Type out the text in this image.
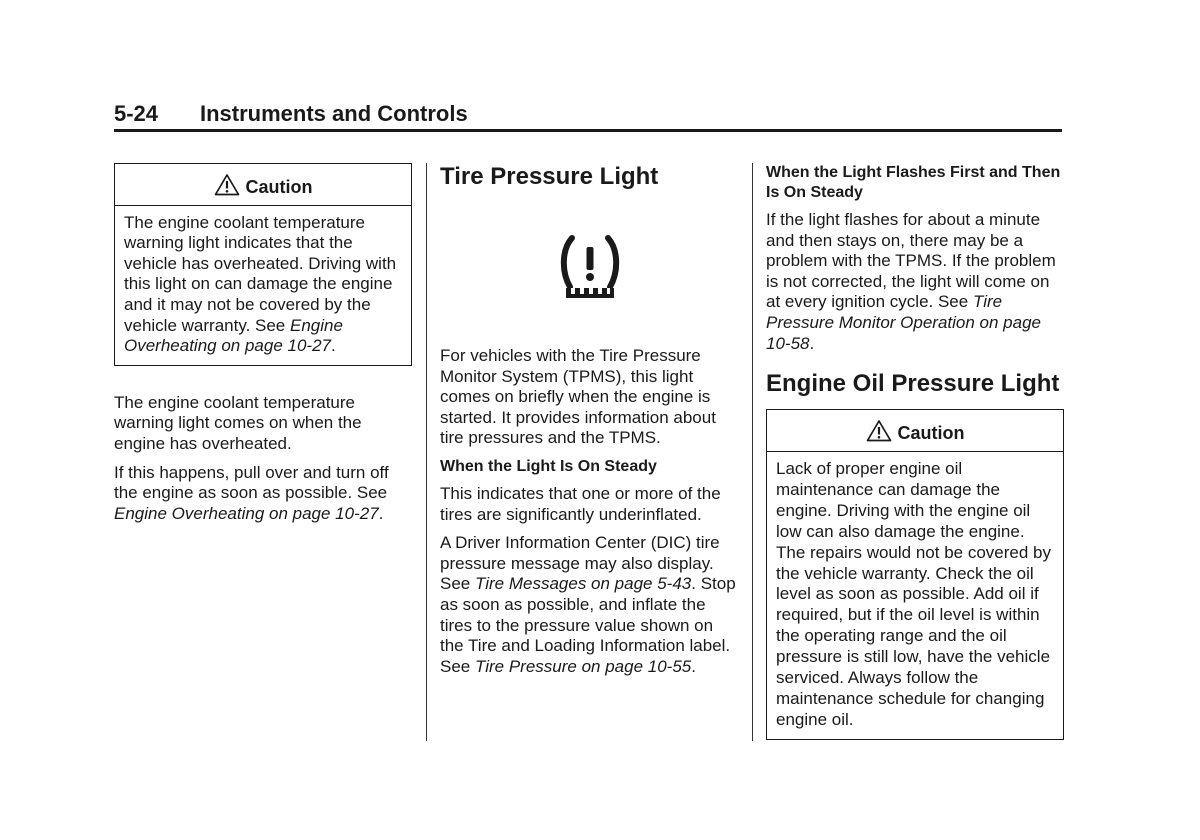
5-24 Instruments and Controls
Caution
The engine coolant temperature warning light indicates that the vehicle has overheated. Driving with this light on can damage the engine and it may not be covered by the vehicle warranty. See Engine Overheating on page 10-27.

The engine coolant temperature warning light comes on when the engine has overheated.

If this happens, pull over and turn off the engine as soon as possible. See Engine Overheating on page 10-27.

Tire Pressure Light

For vehicles with the Tire Pressure Monitor System (TPMS), this light comes on briefly when the engine is started. It provides information about tire pressures and the TPMS.

When the Light Is On Steady

This indicates that one or more of the tires are significantly underinflated.

A Driver Information Center (DIC) tire pressure message may also display. See Tire Messages on page 5-43. Stop as soon as possible, and inflate the tires to the pressure value shown on the Tire and Loading Information label. See Tire Pressure on page 10-55.

When the Light Flashes First and Then Is On Steady

If the light flashes for about a minute and then stays on, there may be a problem with the TPMS. If the problem is not corrected, the light will come on at every ignition cycle. See Tire Pressure Monitor Operation on page 10-58.

Engine Oil Pressure Light
Caution
Lack of proper engine oil maintenance can damage the engine. Driving with the engine oil low can also damage the engine. The repairs would not be covered by the vehicle warranty. Check the oil level as soon as possible. Add oil if required, but if the oil level is within the operating range and the oil pressure is still low, have the vehicle serviced. Always follow the maintenance schedule for changing engine oil.
